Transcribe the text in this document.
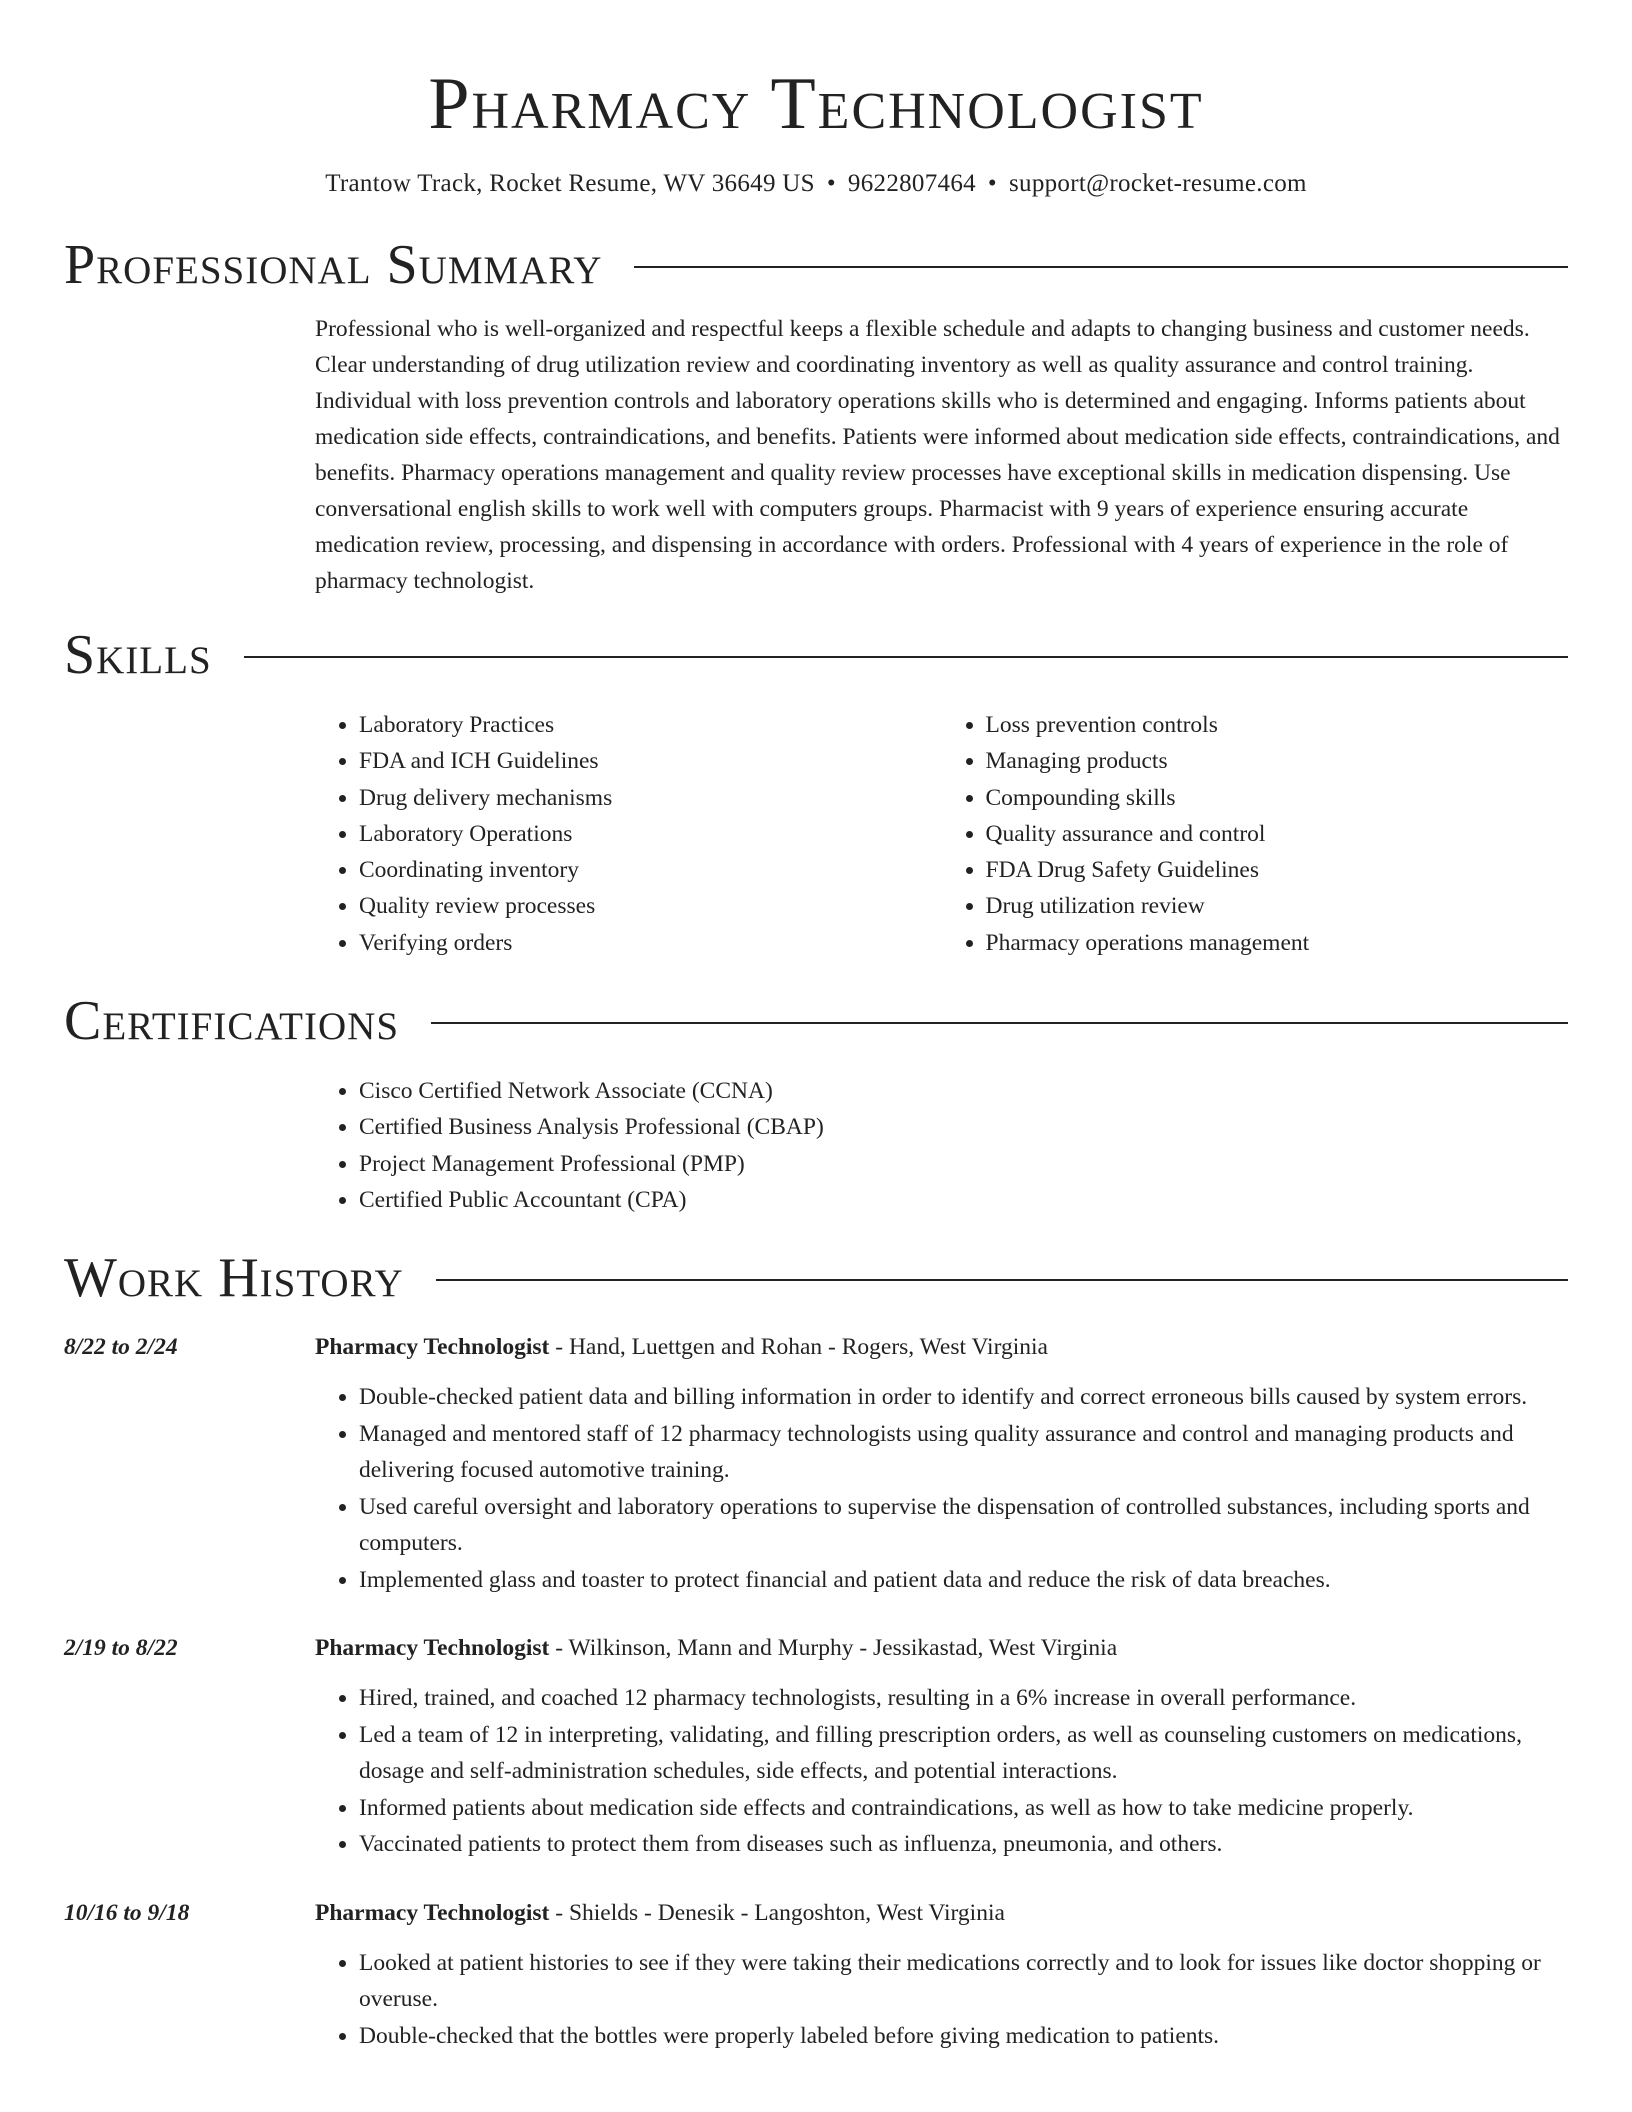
Pharmacy Technologist
Trantow Track, Rocket Resume, WV 36649 US • 9622807464 • support@rocket-resume.com
Professional Summary

Professional who is well-organized and respectful keeps a flexible schedule and adapts to changing business and customer needs. Clear understanding of drug utilization review and coordinating inventory as well as quality assurance and control training. Individual with loss prevention controls and laboratory operations skills who is determined and engaging. Informs patients about medication side effects, contraindications, and benefits. Patients were informed about medication side effects, contraindications, and benefits. Pharmacy operations management and quality review processes have exceptional skills in medication dispensing. Use conversational english skills to work well with computers groups. Pharmacist with 9 years of experience ensuring accurate medication review, processing, and dispensing in accordance with orders. Professional with 4 years of experience in the role of pharmacy technologist.

Skills
• Laboratory Practices
• FDA and ICH Guidelines
• Drug delivery mechanisms
• Laboratory Operations
• Coordinating inventory
• Quality review processes
• Verifying orders
• Loss prevention controls
• Managing products
• Compounding skills
• Quality assurance and control
• FDA Drug Safety Guidelines
• Drug utilization review
• Pharmacy operations management
Certifications
• Cisco Certified Network Associate (CCNA)
• Certified Business Analysis Professional (CBAP)
• Project Management Professional (PMP)
• Certified Public Accountant (CPA)
Work History
8/22 to 2/24	Pharmacy Technologist - Hand, Luettgen and Rohan - Rogers, West Virginia
• Double-checked patient data and billing information in order to identify and correct erroneous bills caused by system errors.
• Managed and mentored staff of 12 pharmacy technologists using quality assurance and control and managing products and delivering focused automotive training.
• Used careful oversight and laboratory operations to supervise the dispensation of controlled substances, including sports and computers.
• Implemented glass and toaster to protect financial and patient data and reduce the risk of data breaches.
2/19 to 8/22	Pharmacy Technologist - Wilkinson, Mann and Murphy - Jessikastad, West Virginia
• Hired, trained, and coached 12 pharmacy technologists, resulting in a 6% increase in overall performance.
• Led a team of 12 in interpreting, validating, and filling prescription orders, as well as counseling customers on medications, dosage and self-administration schedules, side effects, and potential interactions.
• Informed patients about medication side effects and contraindications, as well as how to take medicine properly.
• Vaccinated patients to protect them from diseases such as influenza, pneumonia, and others.
10/16 to 9/18	Pharmacy Technologist - Shields - Denesik - Langoshton, West Virginia
• Looked at patient histories to see if they were taking their medications correctly and to look for issues like doctor shopping or overuse.
• Double-checked that the bottles were properly labeled before giving medication to patients.
